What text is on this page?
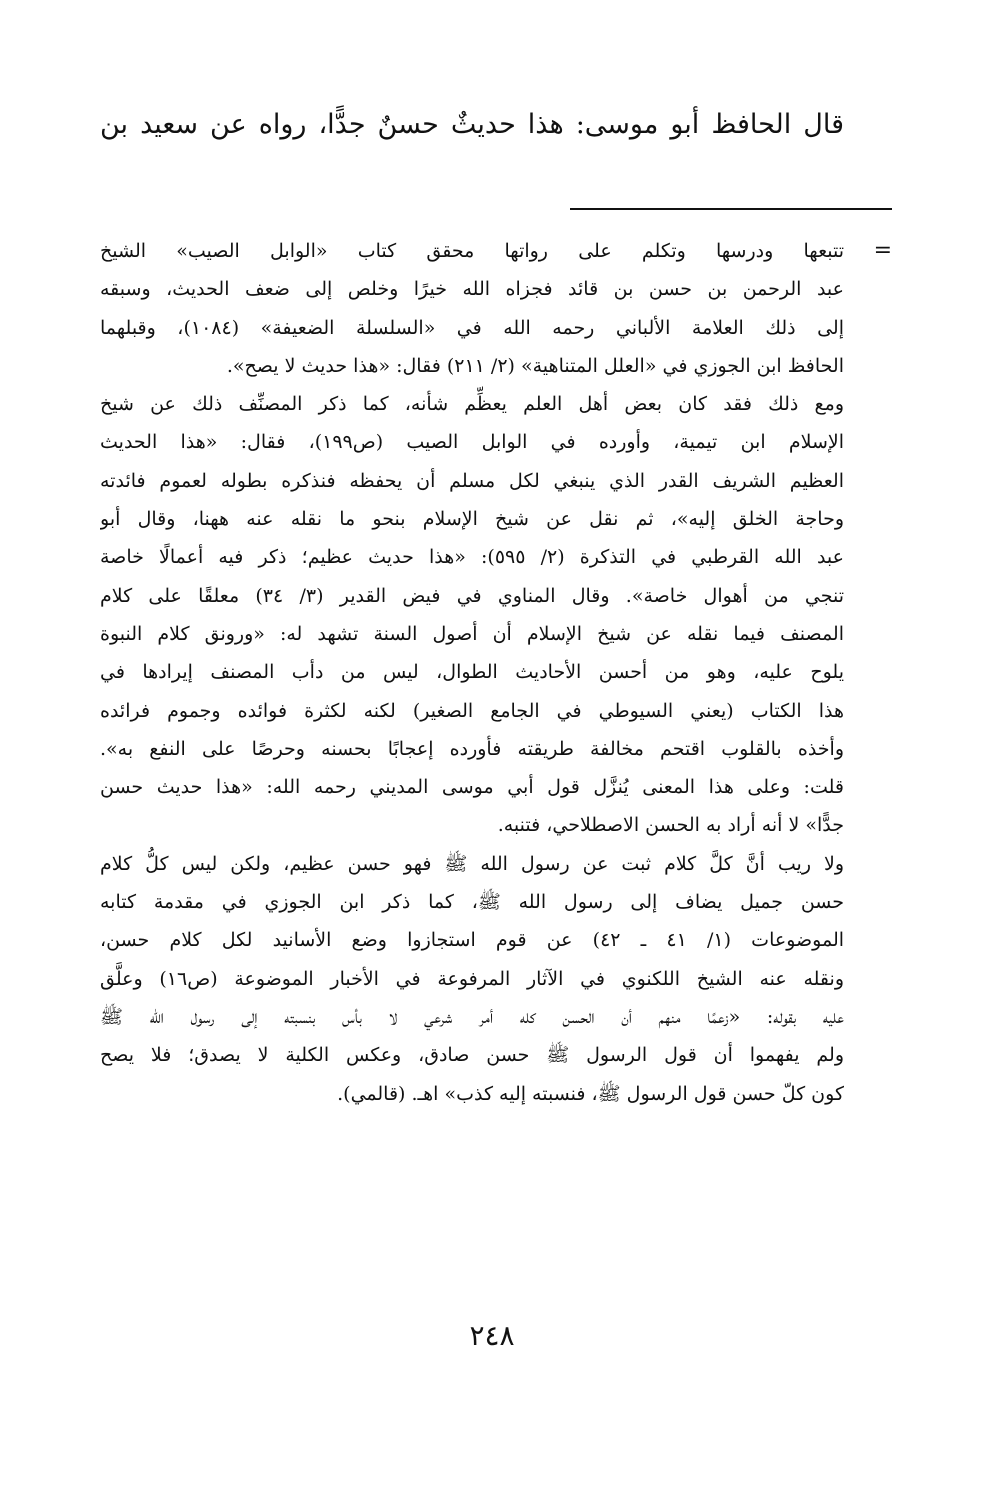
قال الحافظ أبو موسى: هذا حديثٌ حسنٌ جدًّا، رواه عن سعيد بن
=
تتبعها ودرسها وتكلم على رواتها محقق كتاب «الوابل الصيب» الشيخ
عبد الرحمن بن حسن بن قائد فجزاه الله خيرًا وخلص إلى ضعف الحديث، وسبقه
إلى ذلك العلامة الألباني رحمه الله في «السلسلة الضعيفة» (١٠٨٤)، وقبلهما
الحافظ ابن الجوزي في «العلل المتناهية» (٢/ ٢١١) فقال: «هذا حديث لا يصح».
ومع ذلك فقد كان بعض أهل العلم يعظِّم شأنه، كما ذكر المصنِّف ذلك عن شيخ
الإسلام ابن تيمية، وأورده في الوابل الصيب (ص١٩٩)، فقال: «هذا الحديث
العظيم الشريف القدر الذي ينبغي لكل مسلم أن يحفظه فنذكره بطوله لعموم فائدته
وحاجة الخلق إليه»، ثم نقل عن شيخ الإسلام بنحو ما نقله عنه ههنا، وقال أبو
عبد الله القرطبي في التذكرة (٢/ ٥٩٥): «هذا حديث عظيم؛ ذكر فيه أعمالًا خاصة
تنجي من أهوال خاصة». وقال المناوي في فيض القدير (٣/ ٣٤) معلقًا على كلام
المصنف فيما نقله عن شيخ الإسلام أن أصول السنة تشهد له: «ورونق كلام النبوة
يلوح عليه، وهو من أحسن الأحاديث الطوال، ليس من دأب المصنف إيرادها في
هذا الكتاب (يعني السيوطي في الجامع الصغير) لكنه لكثرة فوائده وجموم فرائده
وأخذه بالقلوب اقتحم مخالفة طريقته فأورده إعجابًا بحسنه وحرصًا على النفع به».
قلت: وعلى هذا المعنى يُنزَّل قول أبي موسى المديني رحمه الله: «هذا حديث حسن
جدًّا» لا أنه أراد به الحسن الاصطلاحي، فتنبه.
ولا ريب أنَّ كلَّ كلام ثبت عن رسول الله ﷺ فهو حسن عظيم، ولكن ليس كلُّ كلام
حسن جميل يضاف إلى رسول الله ﷺ، كما ذكر ابن الجوزي في مقدمة كتابه
الموضوعات (١/ ٤١ ـ ٤٢) عن قوم استجازوا وضع الأسانيد لكل كلام حسن،
ونقله عنه الشيخ اللكنوي في الآثار المرفوعة في الأخبار الموضوعة (ص١٦) وعلَّق
عليه بقوله: «زعمًا منهم أن الحسن كله أمر شرعي لا بأس بنسبته إلى رسول الله ﷺ
ولم يفهموا أن قول الرسول ﷺ حسن صادق، وعكس الكلية لا يصدق؛ فلا يصح
كون كلّ حسن قول الرسول ﷺ، فنسبته إليه كذب» اهـ. (قالمي).
٢٤٨
